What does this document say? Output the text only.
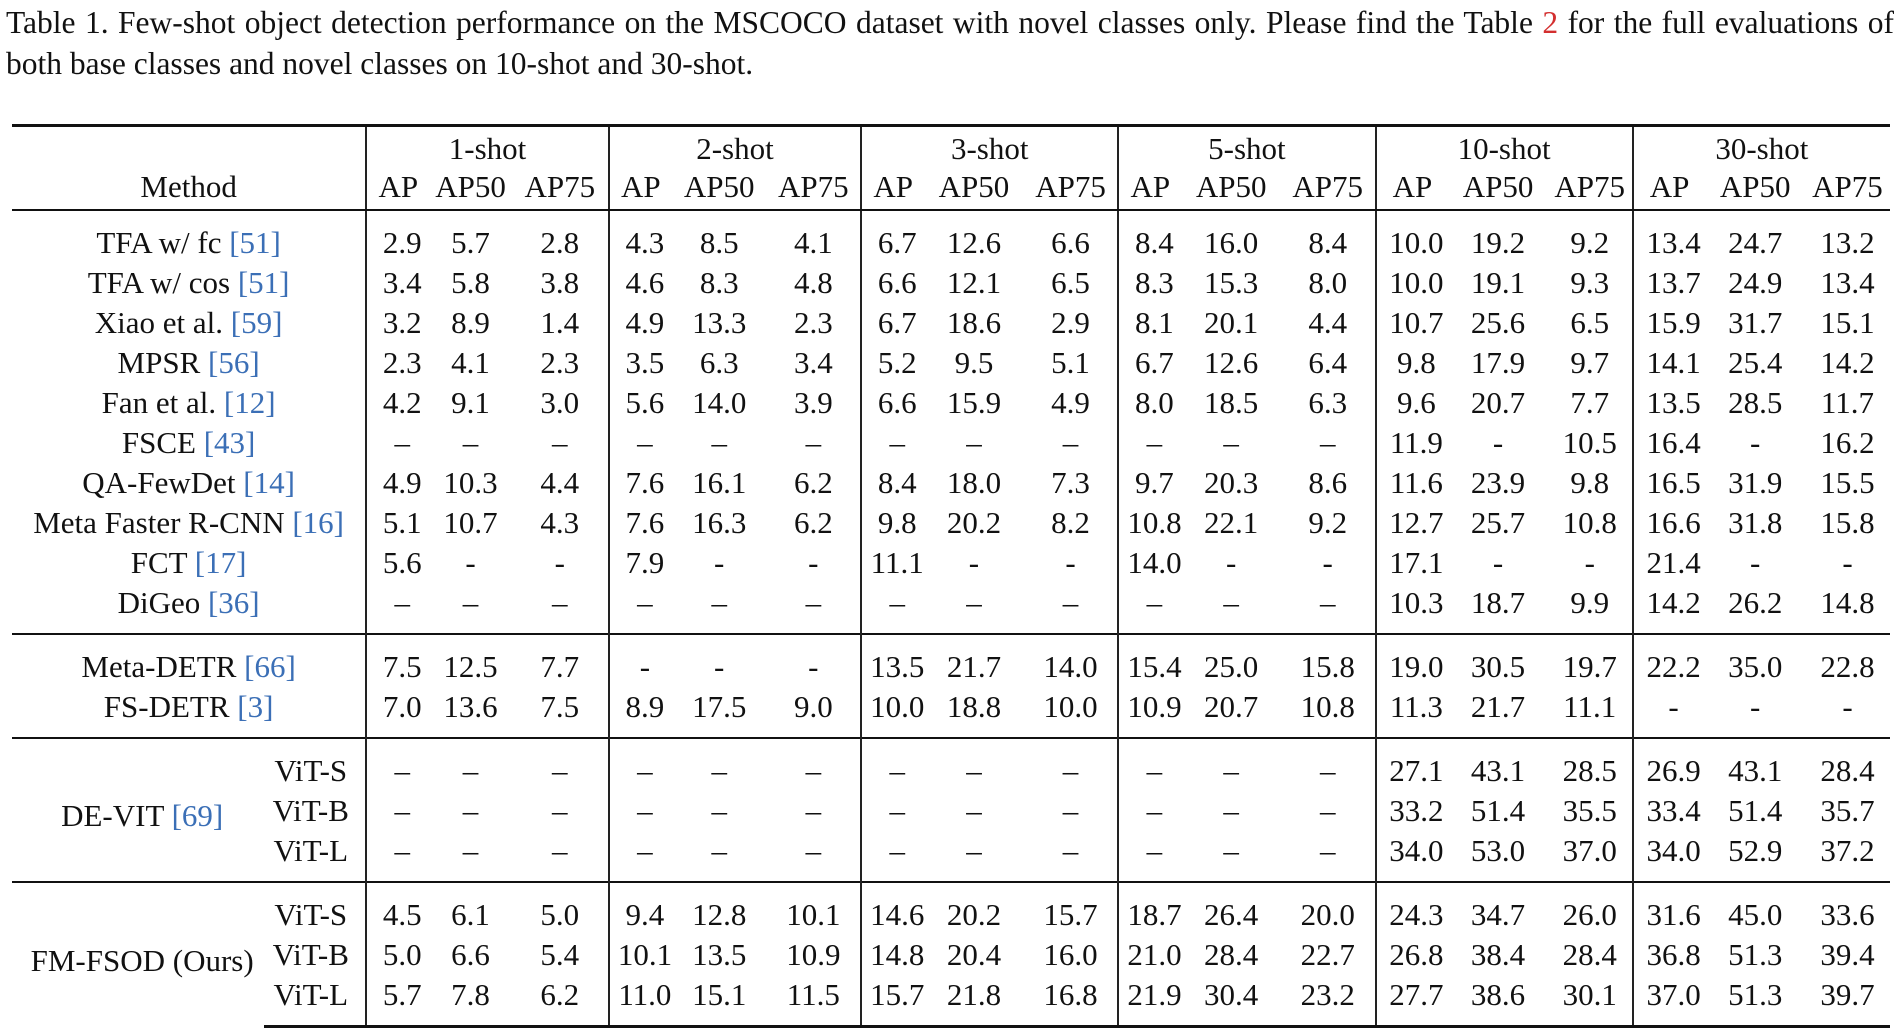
Table 1. Few-shot object detection performance on the MSCOCO dataset with novel classes only. Please find the Table 2 for the full evaluations of both base classes and novel classes on 10-shot and 30-shot.
		1-shot			2-shot			3-shot			5-shot			10-shot			30-shot		
Method		AP	AP50	AP75	AP	AP50	AP75	AP	AP50	AP75	AP	AP50	AP75	AP	AP50	AP75	AP	AP50	AP75
TFA w/ fc [51]		2.9	5.7	2.8	4.3	8.5	4.1	6.7	12.6	6.6	8.4	16.0	8.4	10.0	19.2	9.2	13.4	24.7	13.2
TFA w/ cos [51]		3.4	5.8	3.8	4.6	8.3	4.8	6.6	12.1	6.5	8.3	15.3	8.0	10.0	19.1	9.3	13.7	24.9	13.4
Xiao et al. [59]		3.2	8.9	1.4	4.9	13.3	2.3	6.7	18.6	2.9	8.1	20.1	4.4	10.7	25.6	6.5	15.9	31.7	15.1
MPSR [56]		2.3	4.1	2.3	3.5	6.3	3.4	5.2	9.5	5.1	6.7	12.6	6.4	9.8	17.9	9.7	14.1	25.4	14.2
Fan et al. [12]		4.2	9.1	3.0	5.6	14.0	3.9	6.6	15.9	4.9	8.0	18.5	6.3	9.6	20.7	7.7	13.5	28.5	11.7
FSCE [43]		–	–	–	–	–	–	–	–	–	–	–	–	11.9	-	10.5	16.4	-	16.2
QA-FewDet [14]		4.9	10.3	4.4	7.6	16.1	6.2	8.4	18.0	7.3	9.7	20.3	8.6	11.6	23.9	9.8	16.5	31.9	15.5
Meta Faster R-CNN [16]		5.1	10.7	4.3	7.6	16.3	6.2	9.8	20.2	8.2	10.8	22.1	9.2	12.7	25.7	10.8	16.6	31.8	15.8
FCT [17]		5.6	-	-	7.9	-	-	11.1	-	-	14.0	-	-	17.1	-	-	21.4	-	-
DiGeo [36]		–	–	–	–	–	–	–	–	–	–	–	–	10.3	18.7	9.9	14.2	26.2	14.8
Meta-DETR [66]		7.5	12.5	7.7	-	-	-	13.5	21.7	14.0	15.4	25.0	15.8	19.0	30.5	19.7	22.2	35.0	22.8
FS-DETR [3]		7.0	13.6	7.5	8.9	17.5	9.0	10.0	18.8	10.0	10.9	20.7	10.8	11.3	21.7	11.1	-	-	-
DE-VIT [69]	ViT-S	–	–	–	–	–	–	–	–	–	–	–	–	27.1	43.1	28.5	26.9	43.1	28.4
	ViT-B	–	–	–	–	–	–	–	–	–	–	–	–	33.2	51.4	35.5	33.4	51.4	35.7
	ViT-L	–	–	–	–	–	–	–	–	–	–	–	–	34.0	53.0	37.0	34.0	52.9	37.2
FM-FSOD (Ours)	ViT-S	4.5	6.1	5.0	9.4	12.8	10.1	14.6	20.2	15.7	18.7	26.4	20.0	24.3	34.7	26.0	31.6	45.0	33.6
	ViT-B	5.0	6.6	5.4	10.1	13.5	10.9	14.8	20.4	16.0	21.0	28.4	22.7	26.8	38.4	28.4	36.8	51.3	39.4
	ViT-L	5.7	7.8	6.2	11.0	15.1	11.5	15.7	21.8	16.8	21.9	30.4	23.2	27.7	38.6	30.1	37.0	51.3	39.7
